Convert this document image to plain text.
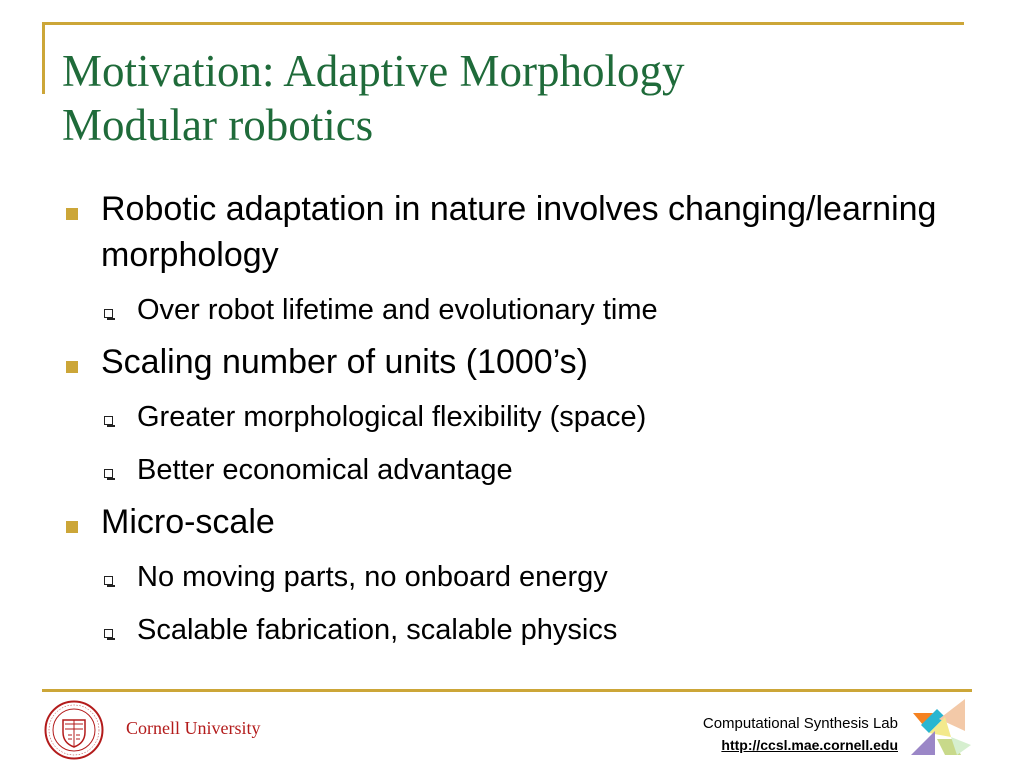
Motivation: Adaptive Morphology
Modular robotics
Robotic adaptation in nature involves changing/learning morphology
Over robot lifetime and evolutionary time
Scaling number of units (1000’s)
Greater morphological flexibility (space)
Better economical advantage
Micro-scale
No moving parts, no onboard energy
Scalable fabrication, scalable physics
Cornell University	Computational Synthesis Lab
http://ccsl.mae.cornell.edu
